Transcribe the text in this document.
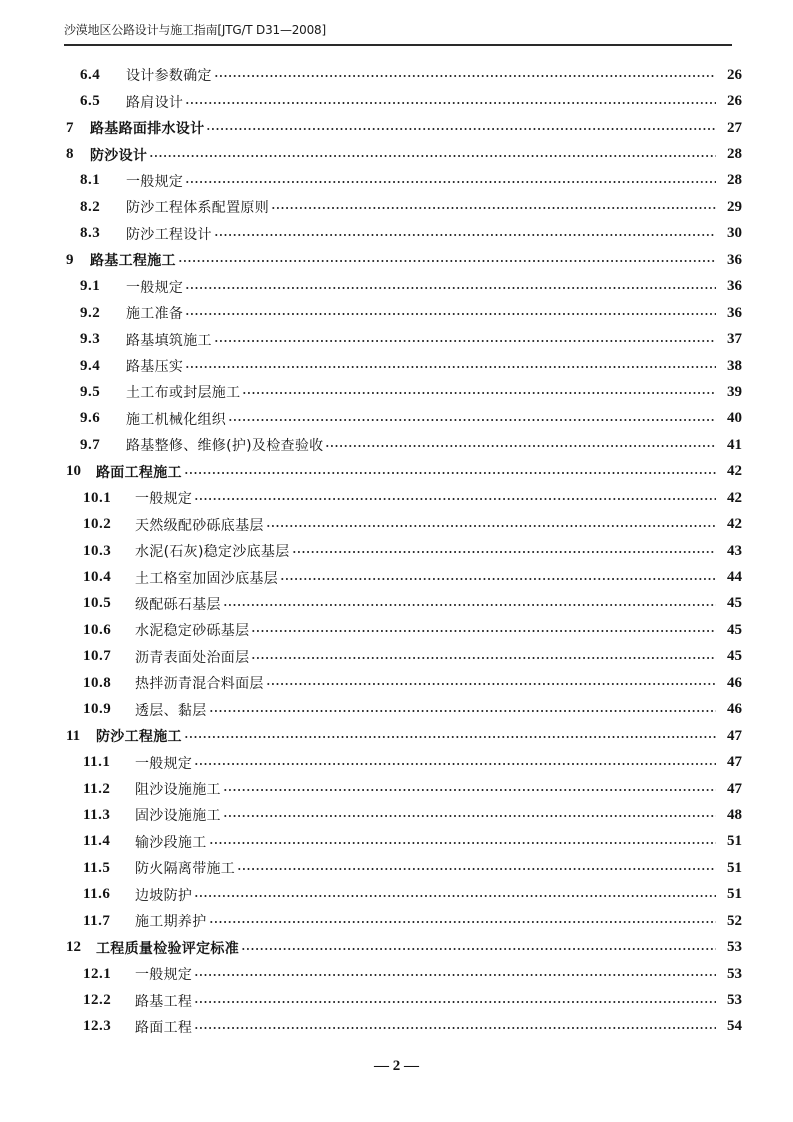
沙漠地区公路设计与施工指南[JTG/T D31—2008]
6.4	设计参数确定	26
6.5	路肩设计	26
7	路基路面排水设计	27
8	防沙设计	28
8.1	一般规定	28
8.2	防沙工程体系配置原则	29
8.3	防沙工程设计	30
9	路基工程施工	36
9.1	一般规定	36
9.2	施工准备	36
9.3	路基填筑施工	37
9.4	路基压实	38
9.5	土工布或封层施工	39
9.6	施工机械化组织	40
9.7	路基整修、维修(护)及检查验收	41
10	路面工程施工	42
10.1	一般规定	42
10.2	天然级配砂砾底基层	42
10.3	水泥(石灰)稳定沙底基层	43
10.4	土工格室加固沙底基层	44
10.5	级配砾石基层	45
10.6	水泥稳定砂砾基层	45
10.7	沥青表面处治面层	45
10.8	热拌沥青混合料面层	46
10.9	透层、黏层	46
11	防沙工程施工	47
11.1	一般规定	47
11.2	阻沙设施施工	47
11.3	固沙设施施工	48
11.4	输沙段施工	51
11.5	防火隔离带施工	51
11.6	边坡防护	51
11.7	施工期养护	52
12	工程质量检验评定标准	53
12.1	一般规定	53
12.2	路基工程	53
12.3	路面工程	54
— 2 —
